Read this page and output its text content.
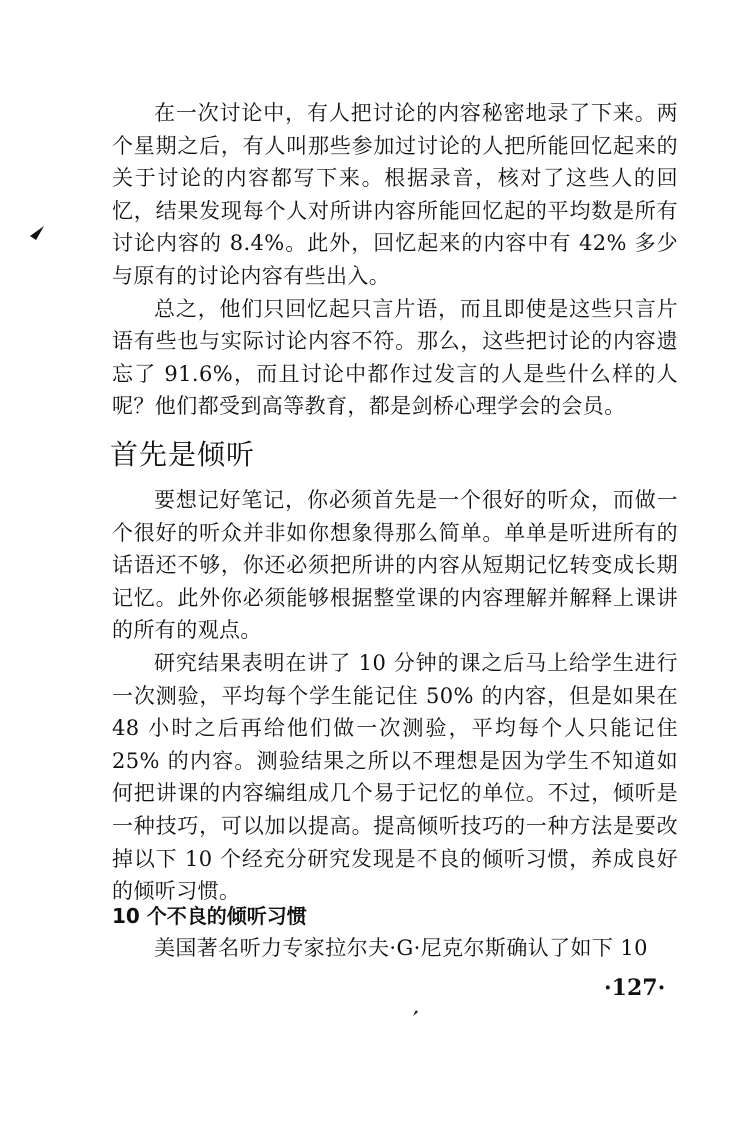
在一次讨论中，有人把讨论的内容秘密地录了下来。两个星期之后，有人叫那些参加过讨论的人把所能回忆起来的关于讨论的内容都写下来。根据录音，核对了这些人的回忆，结果发现每个人对所讲内容所能回忆起的平均数是所有讨论内容的 8.4%。此外，回忆起来的内容中有 42% 多少与原有的讨论内容有些出入。

总之，他们只回忆起只言片语，而且即使是这些只言片语有些也与实际讨论内容不符。那么，这些把讨论的内容遗忘了 91.6%，而且讨论中都作过发言的人是些什么样的人呢？他们都受到高等教育，都是剑桥心理学会的会员。

首先是倾听

要想记好笔记，你必须首先是一个很好的听众，而做一个很好的听众并非如你想象得那么简单。单单是听进所有的话语还不够，你还必须把所讲的内容从短期记忆转变成长期记忆。此外你必须能够根据整堂课的内容理解并解释上课讲的所有的观点。

研究结果表明在讲了 10 分钟的课之后马上给学生进行一次测验，平均每个学生能记住 50% 的内容，但是如果在 48 小时之后再给他们做一次测验，平均每个人只能记住 25% 的内容。测验结果之所以不理想是因为学生不知道如何把讲课的内容编组成几个易于记忆的单位。不过，倾听是一种技巧，可以加以提高。提高倾听技巧的一种方法是要改掉以下 10 个经充分研究发现是不良的倾听习惯，养成良好的倾听习惯。

10 个不良的倾听习惯

美国著名听力专家拉尔夫·G·尼克尔斯确认了如下 10

·127·
